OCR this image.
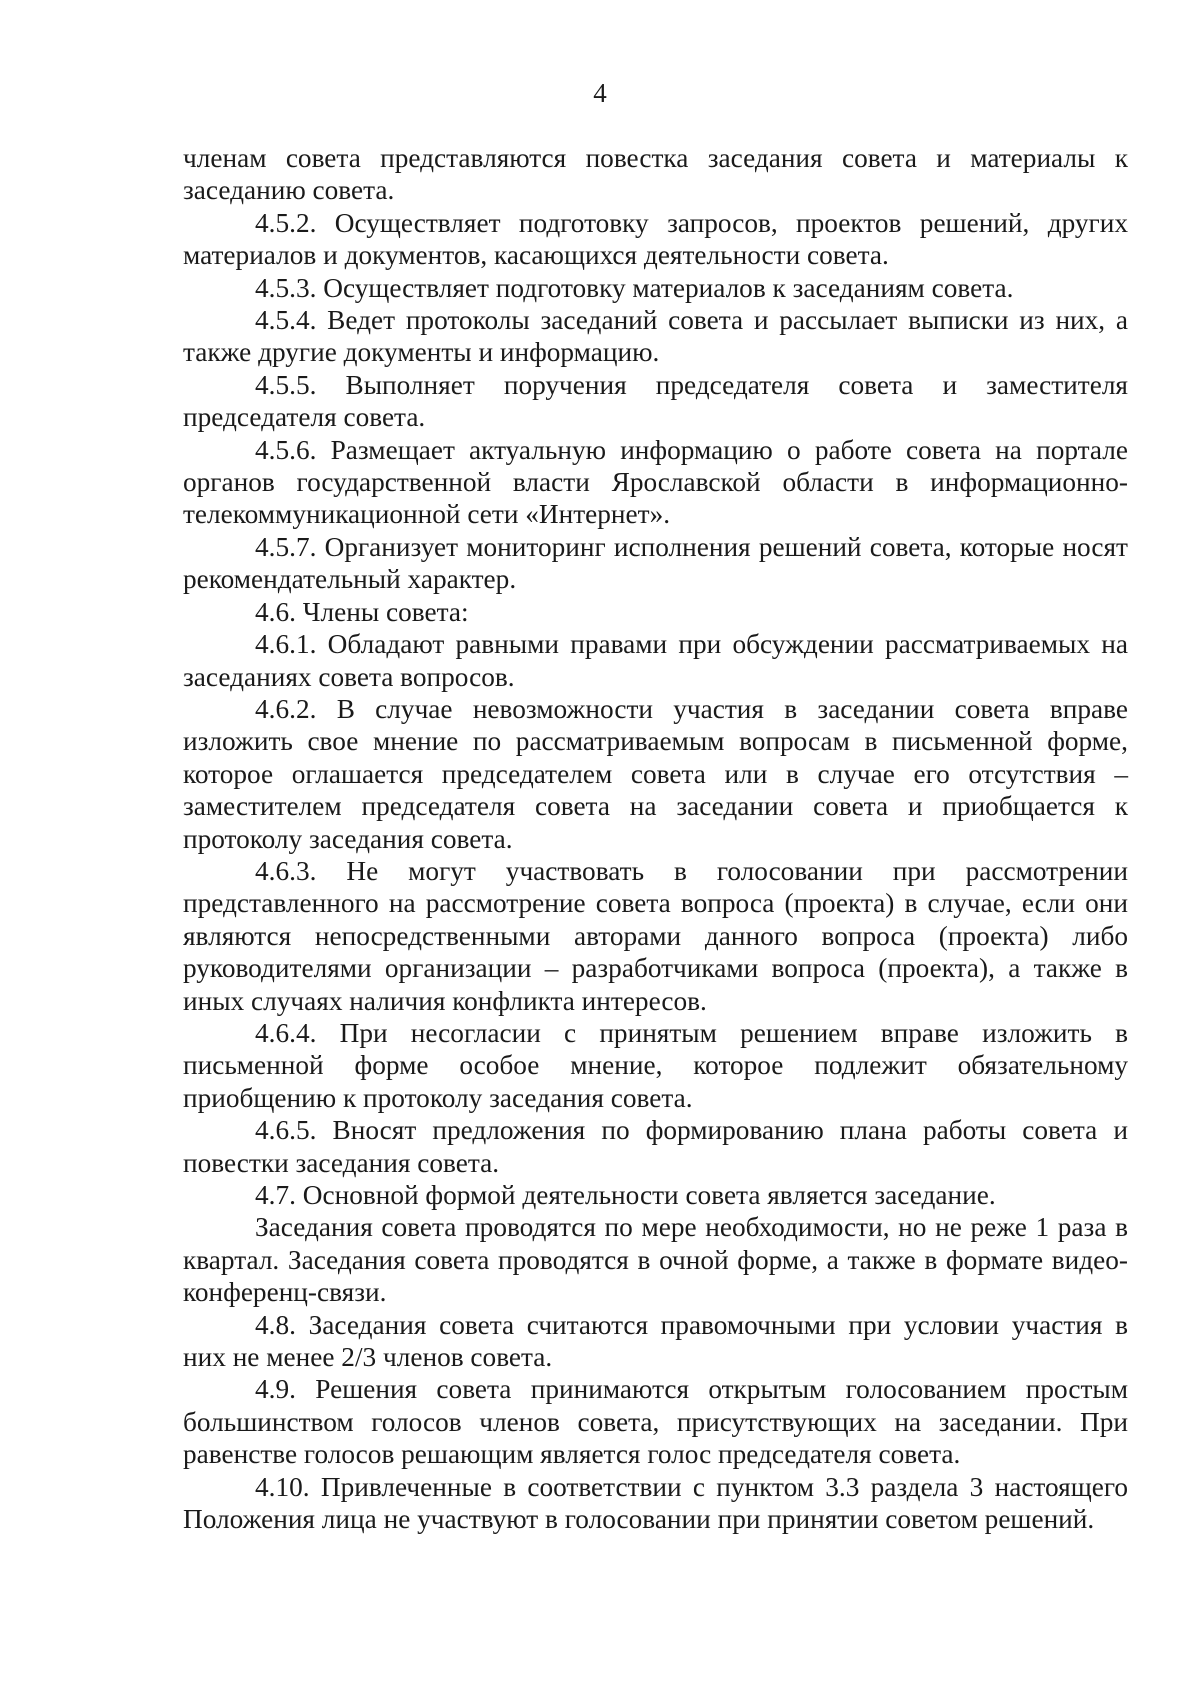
4

членам совета представляются повестка заседания совета и материалы к заседанию совета.

4.5.2. Осуществляет подготовку запросов, проектов решений, других материалов и документов, касающихся деятельности совета.

4.5.3. Осуществляет подготовку материалов к заседаниям совета.

4.5.4. Ведет протоколы заседаний совета и рассылает выписки из них, а также другие документы и информацию.

4.5.5. Выполняет поручения председателя совета и заместителя председателя совета.

4.5.6. Размещает актуальную информацию о работе совета на портале органов государственной власти Ярославской области в информационно-телекоммуникационной сети «Интернет».

4.5.7. Организует мониторинг исполнения решений совета, которые носят рекомендательный характер.

4.6. Члены совета:

4.6.1. Обладают равными правами при обсуждении рассматриваемых на заседаниях совета вопросов.

4.6.2. В случае невозможности участия в заседании совета вправе изложить свое мнение по рассматриваемым вопросам в письменной форме, которое оглашается председателем совета или в случае его отсутствия – заместителем председателя совета на заседании совета и приобщается к протоколу заседания совета.

4.6.3. Не могут участвовать в голосовании при рассмотрении представленного на рассмотрение совета вопроса (проекта) в случае, если они являются непосредственными авторами данного вопроса (проекта) либо руководителями организации – разработчиками вопроса (проекта), а также в иных случаях наличия конфликта интересов.

4.6.4. При несогласии с принятым решением вправе изложить в письменной форме особое мнение, которое подлежит обязательному приобщению к протоколу заседания совета.

4.6.5. Вносят предложения по формированию плана работы совета и повестки заседания совета.

4.7. Основной формой деятельности совета является заседание.

Заседания совета проводятся по мере необходимости, но не реже 1 раза в квартал. Заседания совета проводятся в очной форме, а также в формате видео-конференц-связи.

4.8. Заседания совета считаются правомочными при условии участия в них не менее 2/3 членов совета.

4.9. Решения совета принимаются открытым голосованием простым большинством голосов членов совета, присутствующих на заседании. При равенстве голосов решающим является голос председателя совета.

4.10. Привлеченные в соответствии с пунктом 3.3 раздела 3 настоящего Положения лица не участвуют в голосовании при принятии советом решений.
